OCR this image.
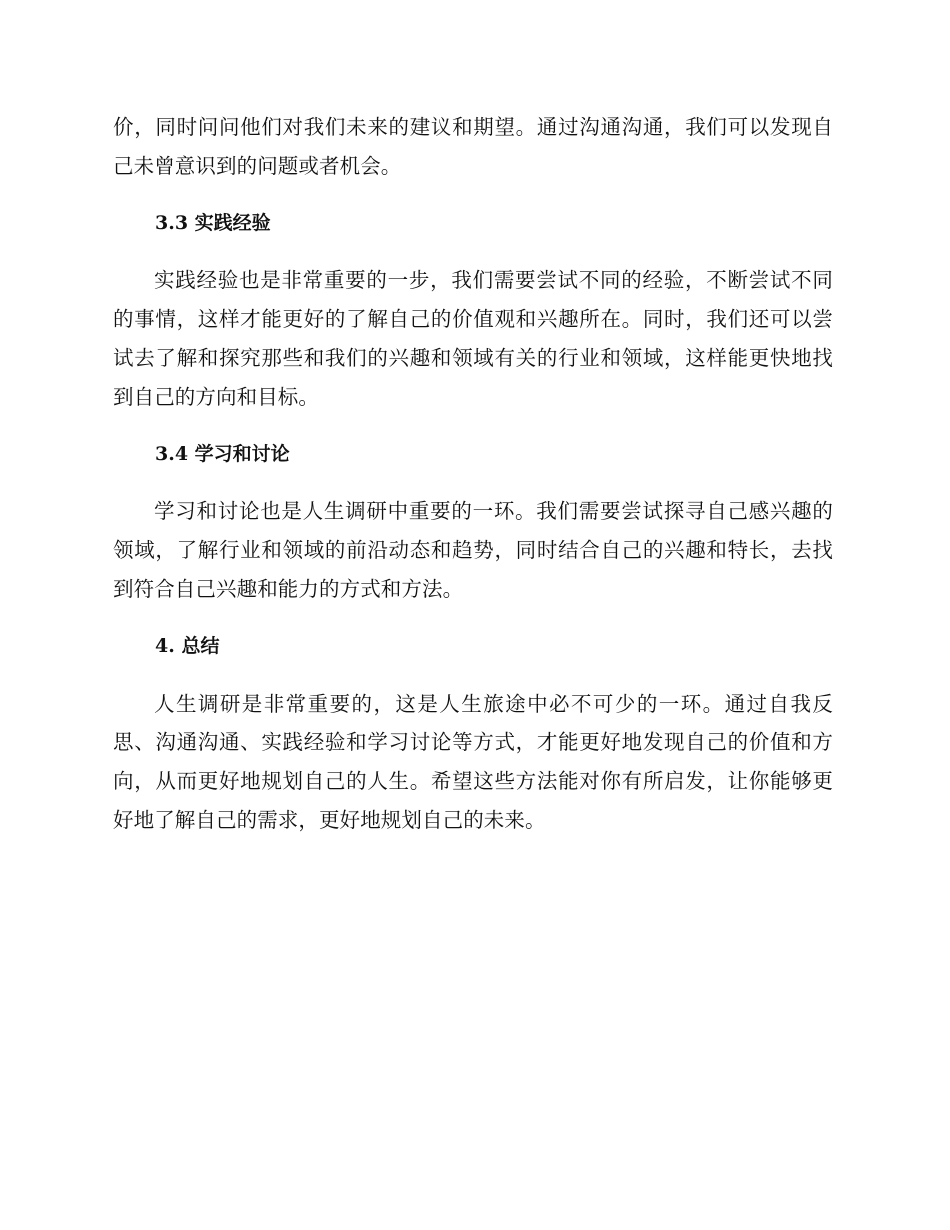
价，同时问问他们对我们未来的建议和期望。通过沟通沟通，我们可以发现自己未曾意识到的问题或者机会。

3.3 实践经验

实践经验也是非常重要的一步，我们需要尝试不同的经验，不断尝试不同的事情，这样才能更好的了解自己的价值观和兴趣所在。同时，我们还可以尝试去了解和探究那些和我们的兴趣和领域有关的行业和领域，这样能更快地找到自己的方向和目标。

3.4 学习和讨论

学习和讨论也是人生调研中重要的一环。我们需要尝试探寻自己感兴趣的领域，了解行业和领域的前沿动态和趋势，同时结合自己的兴趣和特长，去找到符合自己兴趣和能力的方式和方法。

4. 总结

人生调研是非常重要的，这是人生旅途中必不可少的一环。通过自我反思、沟通沟通、实践经验和学习讨论等方式，才能更好地发现自己的价值和方向，从而更好地规划自己的人生。希望这些方法能对你有所启发，让你能够更好地了解自己的需求，更好地规划自己的未来。
